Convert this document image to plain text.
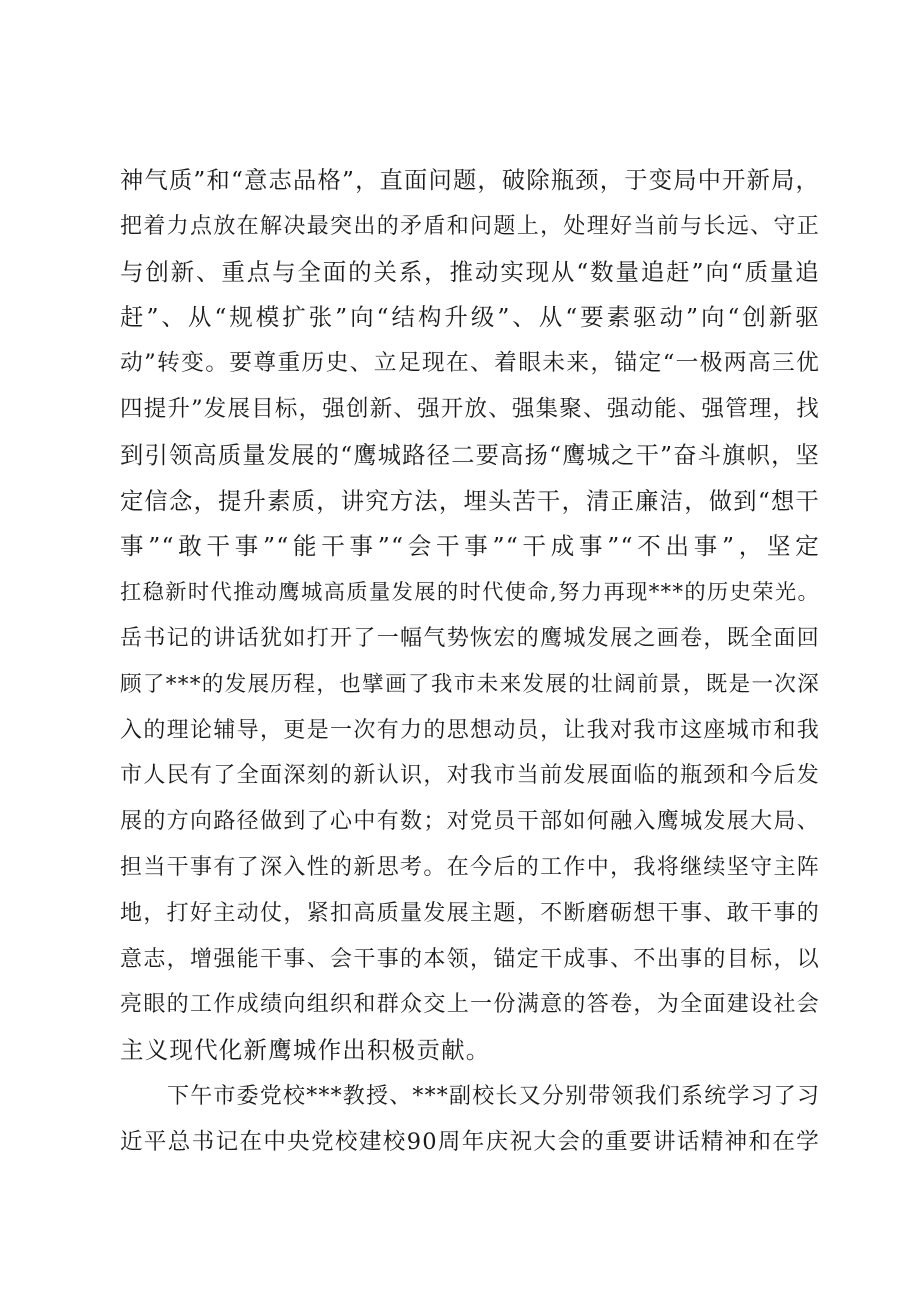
神气质”和“意志品格”，直面问题，破除瓶颈，于变局中开新局，
把着力点放在解决最突出的矛盾和问题上，处理好当前与长远、守正
与创新、重点与全面的关系，推动实现从“数量追赶”向“质量追
赶”、从“规模扩张”向“结构升级”、从“要素驱动”向“创新驱
动”转变。要尊重历史、立足现在、着眼未来，锚定“一极两高三优
四提升”发展目标，强创新、强开放、强集聚、强动能、强管理，找
到引领高质量发展的“鹰城路径二要高扬“鹰城之干”奋斗旗帜，坚
定信念，提升素质，讲究方法，埋头苦干，清正廉洁，做到“想干
事”“敢干事”“能干事”“会干事”“干成事”“不出事”，坚定
扛稳新时代推动鹰城高质量发展的时代使命,努力再现***的历史荣光。
岳书记的讲话犹如打开了一幅气势恢宏的鹰城发展之画卷，既全面回
顾了***的发展历程，也擘画了我市未来发展的壮阔前景，既是一次深
入的理论辅导，更是一次有力的思想动员，让我对我市这座城市和我
市人民有了全面深刻的新认识，对我市当前发展面临的瓶颈和今后发
展的方向路径做到了心中有数；对党员干部如何融入鹰城发展大局、
担当干事有了深入性的新思考。在今后的工作中，我将继续坚守主阵
地，打好主动仗，紧扣高质量发展主题，不断磨砺想干事、敢干事的
意志，增强能干事、会干事的本领，锚定干成事、不出事的目标，以
亮眼的工作成绩向组织和群众交上一份满意的答卷，为全面建设社会
主义现代化新鹰城作出积极贡献。
下午市委党校***教授、***副校长又分别带领我们系统学习了习
近平总书记在中央党校建校90周年庆祝大会的重要讲话精神和在学
